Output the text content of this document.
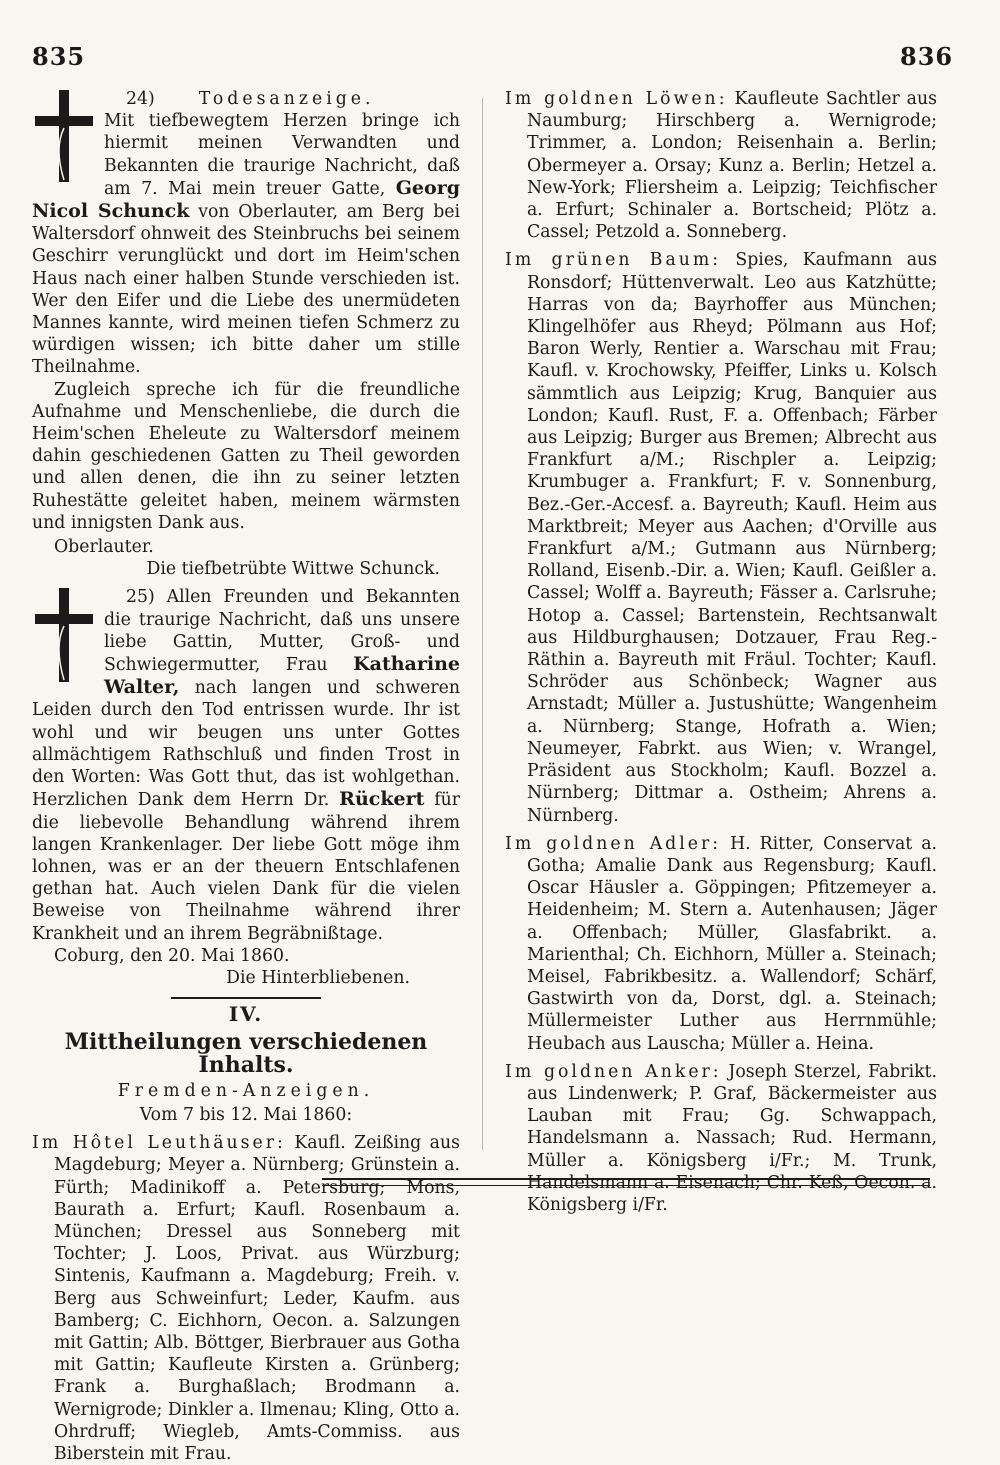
835	836

24)	Todesanzeige.

Mit tiefbewegtem Herzen bringe ich hiermit meinen Verwandten und Bekannten die traurige Nachricht, daß am 7. Mai mein treuer Gatte, Georg Nicol Schunck von Oberlauter, am Berg bei Waltersdorf ohnweit des Steinbruchs bei seinem Geschirr verunglückt und dort im Heim'schen Haus nach einer halben Stunde verschieden ist. Wer den Eifer und die Liebe des unermüdeten Mannes kannte, wird meinen tiefen Schmerz zu würdigen wissen; ich bitte daher um stille Theilnahme.

Zugleich spreche ich für die freundliche Aufnahme und Menschenliebe, die durch die Heim'schen Eheleute zu Waltersdorf meinem dahin geschiedenen Gatten zu Theil geworden und allen denen, die ihn zu seiner letzten Ruhestätte geleitet haben, meinem wärmsten und innigsten Dank aus.

Oberlauter.

Die tiefbetrübte Wittwe Schunck.

25) Allen Freunden und Bekannten die traurige Nachricht, daß uns unsere liebe Gattin, Mutter, Groß- und Schwiegermutter, Frau Katharine Walter, nach langen und schweren Leiden durch den Tod entrissen wurde. Ihr ist wohl und wir beugen uns unter Gottes allmächtigem Rathschluß und finden Trost in den Worten: Was Gott thut, das ist wohlgethan. Herzlichen Dank dem Herrn Dr. Rückert für die liebevolle Behandlung während ihrem langen Krankenlager. Der liebe Gott möge ihm lohnen, was er an der theuern Entschlafenen gethan hat. Auch vielen Dank für die vielen Beweise von Theilnahme während ihrer Krankheit und an ihrem Begräbnißtage.

Coburg, den 20. Mai 1860.

Die Hinterbliebenen.

IV.
Mittheilungen verschiedenen Inhalts.
Fremden-Anzeigen.
Vom 7 bis 12. Mai 1860:

Im Hôtel Leuthäuser: Kaufl. Zeißing aus Magdeburg; Meyer a. Nürnberg; Grünstein a. Fürth; Madinikoff a. Petersburg; Mons, Baurath a. Erfurt; Kaufl. Rosenbaum a. München; Dressel aus Sonneberg mit Tochter; J. Loos, Privat. aus Würzburg; Sintenis, Kaufmann a. Magdeburg; Freih. v. Berg aus Schweinfurt; Leder, Kaufm. aus Bamberg; C. Eichhorn, Oecon. a. Salzungen mit Gattin; Alb. Böttger, Bierbrauer aus Gotha mit Gattin; Kaufleute Kirsten a. Grünberg; Frank a. Burghaßlach; Brodmann a. Wernigrode; Dinkler a. Ilmenau; Kling, Otto a. Ohrdruff; Wiegleb, Amts-Commiss. aus Biberstein mit Frau.

Im goldnen Löwen: Kaufleute Sachtler aus Naumburg; Hirschberg a. Wernigrode; Trimmer, a. London; Reisenhain a. Berlin; Obermeyer a. Orsay; Kunz a. Berlin; Hetzel a. New-York; Fliersheim a. Leipzig; Teichfischer a. Erfurt; Schinaler a. Bortscheid; Plötz a. Cassel; Petzold a. Sonneberg.

Im grünen Baum: Spies, Kaufmann aus Ronsdorf; Hüttenverwalt. Leo aus Katzhütte; Harras von da; Bayrhoffer aus München; Klingelhöfer aus Rheyd; Pölmann aus Hof; Baron Werly, Rentier a. Warschau mit Frau; Kaufl. v. Krochowsky, Pfeiffer, Links u. Kolsch sämmtlich aus Leipzig; Krug, Banquier aus London; Kaufl. Rust, F. a. Offenbach; Färber aus Leipzig; Burger aus Bremen; Albrecht aus Frankfurt a/M.; Rischpler a. Leipzig; Krumbuger a. Frankfurt; F. v. Sonnenburg, Bez.-Ger.-Accesf. a. Bayreuth; Kaufl. Heim aus Marktbreit; Meyer aus Aachen; d'Orville aus Frankfurt a/M.; Gutmann aus Nürnberg; Rolland, Eisenb.-Dir. a. Wien; Kaufl. Geißler a. Cassel; Wolff a. Bayreuth; Fässer a. Carlsruhe; Hotop a. Cassel; Bartenstein, Rechtsanwalt aus Hildburghausen; Dotzauer, Frau Reg.-Räthin a. Bayreuth mit Fräul. Tochter; Kaufl. Schröder aus Schönbeck; Wagner aus Arnstadt; Müller a. Justushütte; Wangenheim a. Nürnberg; Stange, Hofrath a. Wien; Neumeyer, Fabrkt. aus Wien; v. Wrangel, Präsident aus Stockholm; Kaufl. Bozzel a. Nürnberg; Dittmar a. Ostheim; Ahrens a. Nürnberg.

Im goldnen Adler: H. Ritter, Conservat a. Gotha; Amalie Dank aus Regensburg; Kaufl. Oscar Häusler a. Göppingen; Pfitzemeyer a. Heidenheim; M. Stern a. Autenhausen; Jäger a. Offenbach; Müller, Glasfabrikt. a. Marienthal; Ch. Eichhorn, Müller a. Steinach; Meisel, Fabrikbesitz. a. Wallendorf; Schärf, Gastwirth von da, Dorst, dgl. a. Steinach; Müllermeister Luther aus Herrnmühle; Heubach aus Lauscha; Müller a. Heina.

Im goldnen Anker: Joseph Sterzel, Fabrikt. aus Lindenwerk; P. Graf, Bäckermeister aus Lauban mit Frau; Gg. Schwappach, Handelsmann a. Nassach; Rud. Hermann, Müller a. Königsberg i/Fr.; M. Trunk, Handelsmann a. Eisenach; Chr. Keß, Oecon. a. Königsberg i/Fr.
